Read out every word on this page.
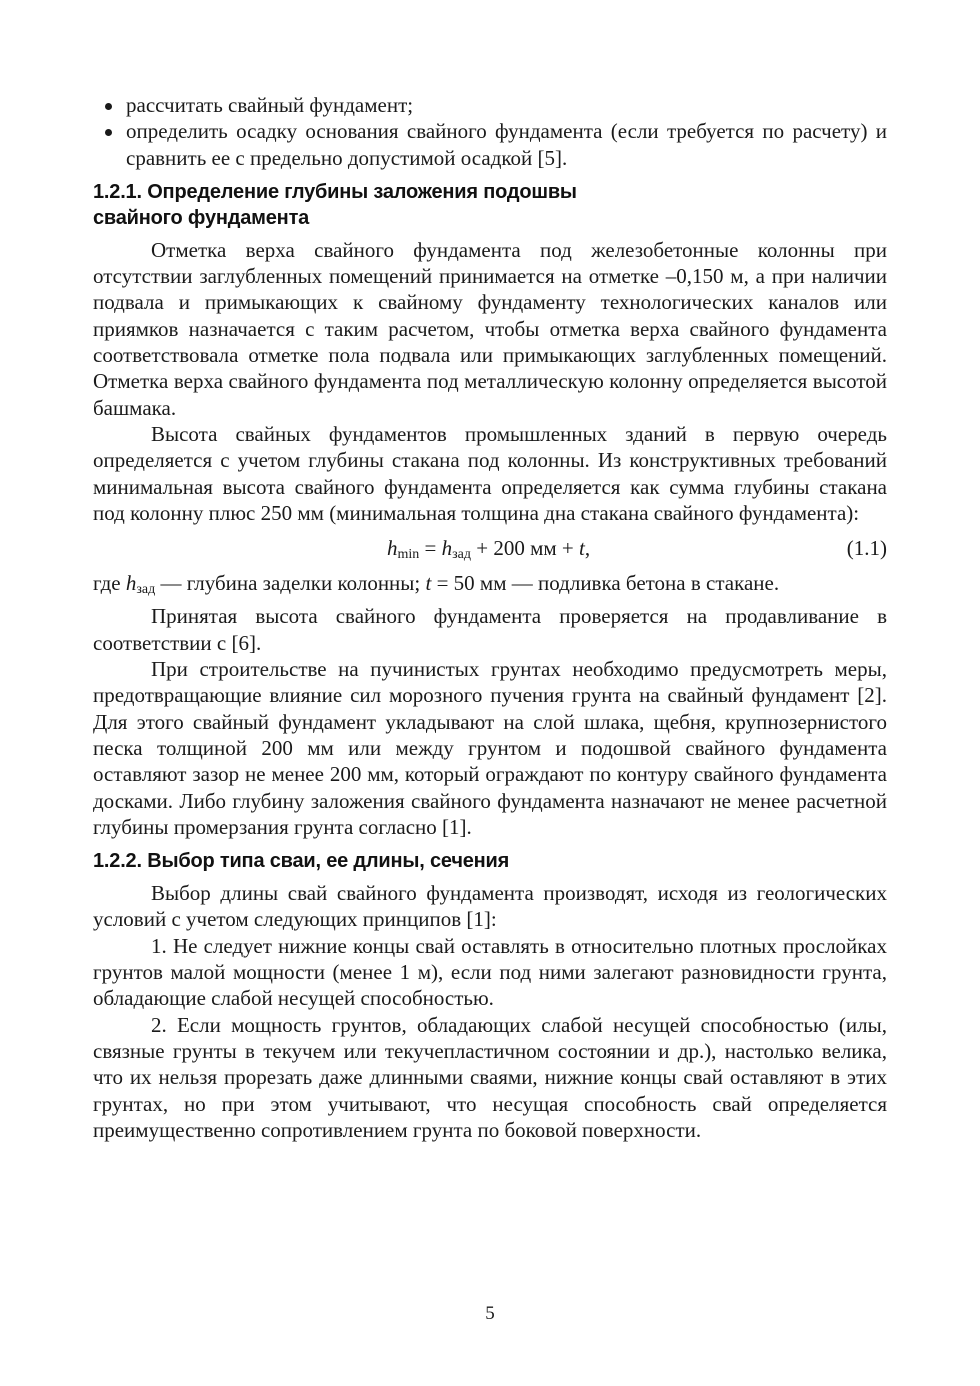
рассчитать свайный фундамент;
определить осадку основания свайного фундамента (если требуется по расчету) и сравнить ее с предельно допустимой осадкой [5].
1.2.1. Определение глубины заложения подошвы
свайного фундамента

Отметка верха свайного фундамента под железобетонные колонны при отсутствии заглубленных помещений принимается на отметке –0,150 м, а при наличии подвала и примыкающих к свайному фундаменту технологических каналов или приямков назначается с таким расчетом, чтобы отметка верха свайного фундамента соответствовала отметке пола подвала или примыкающих заглубленных помещений. Отметка верха свайного фундамента под металлическую колонну определяется высотой башмака.

Высота свайных фундаментов промышленных зданий в первую очередь определяется с учетом глубины стакана под колонны. Из конструктивных требований минимальная высота свайного фундамента определяется как сумма глубины стакана под колонну плюс 250 мм (минимальная толщина дна стакана свайного фундамента):

$h_{min} = h_{зад} + 200$ мм + t,	(1.1)

где $h_{зад}$ — глубина заделки колонны; t = 50 мм — подливка бетона в стакане.

Принятая высота свайного фундамента проверяется на продавливание в соответствии с [6].

При строительстве на пучинистых грунтах необходимо предусмотреть меры, предотвращающие влияние сил морозного пучения грунта на свайный фундамент [2]. Для этого свайный фундамент укладывают на слой шлака, щебня, крупнозернистого песка толщиной 200 мм или между грунтом и подошвой свайного фундамента оставляют зазор не менее 200 мм, который ограждают по контуру свайного фундамента досками. Либо глубину заложения свайного фундамента назначают не менее расчетной глубины промерзания грунта согласно [1].

1.2.2. Выбор типа сваи, ее длины, сечения

Выбор длины свай свайного фундамента производят, исходя из геологических условий с учетом следующих принципов [1]:

1. Не следует нижние концы свай оставлять в относительно плотных прослойках грунтов малой мощности (менее 1 м), если под ними залегают разновидности грунта, обладающие слабой несущей способностью.

2. Если мощность грунтов, обладающих слабой несущей способностью (илы, связные грунты в текучем или текучепластичном состоянии и др.), настолько велика, что их нельзя прорезать даже длинными сваями, нижние концы свай оставляют в этих грунтах, но при этом учитывают, что несущая способность свай определяется преимущественно сопротивлением грунта по боковой поверхности.

5
